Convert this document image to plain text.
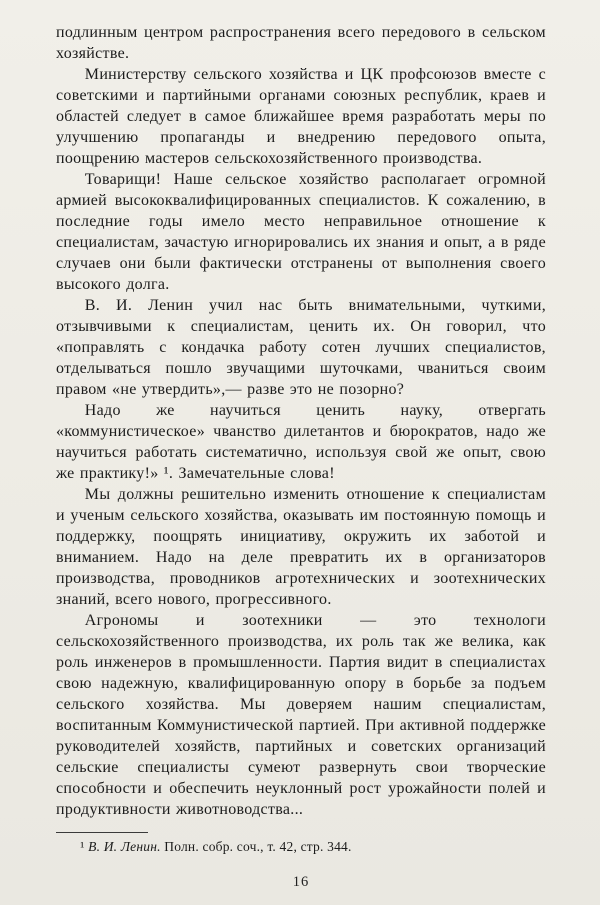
подлинным центром распространения всего передового в сельском хозяйстве.

Министерству сельского хозяйства и ЦК профсоюзов вместе с советскими и партийными органами союзных республик, краев и областей следует в самое ближайшее время разработать меры по улучшению пропаганды и внедрению передового опыта, поощрению мастеров сельскохозяйственного производства.

Товарищи! Наше сельское хозяйство располагает огромной армией высококвалифицированных специалистов. К сожалению, в последние годы имело место неправильное отношение к специалистам, зачастую игнорировались их знания и опыт, а в ряде случаев они были фактически отстранены от выполнения своего высокого долга.

В. И. Ленин учил нас быть внимательными, чуткими, отзывчивыми к специалистам, ценить их. Он говорил, что «поправлять с кондачка работу сотен лучших специалистов, отделываться пошло звучащими шуточками, чваниться своим правом «не утвердить»,— разве это не позорно?

Надо же научиться ценить науку, отвергать «коммунистическое» чванство дилетантов и бюрократов, надо же научиться работать систематично, используя свой же опыт, свою же практику!» ¹. Замечательные слова!

Мы должны решительно изменить отношение к специалистам и ученым сельского хозяйства, оказывать им постоянную помощь и поддержку, поощрять инициативу, окружить их заботой и вниманием. Надо на деле превратить их в организаторов производства, проводников агротехнических и зоотехнических знаний, всего нового, прогрессивного.

Агрономы и зоотехники — это технологи сельскохозяйственного производства, их роль так же велика, как роль инженеров в промышленности. Партия видит в специалистах свою надежную, квалифицированную опору в борьбе за подъем сельского хозяйства. Мы доверяем нашим специалистам, воспитанным Коммунистической партией. При активной поддержке руководителей хозяйств, партийных и советских организаций сельские специалисты сумеют развернуть свои творческие способности и обеспечить неуклонный рост урожайности полей и продуктивности животноводства...

¹ В. И. Ленин. Полн. собр. соч., т. 42, стр. 344.

16
